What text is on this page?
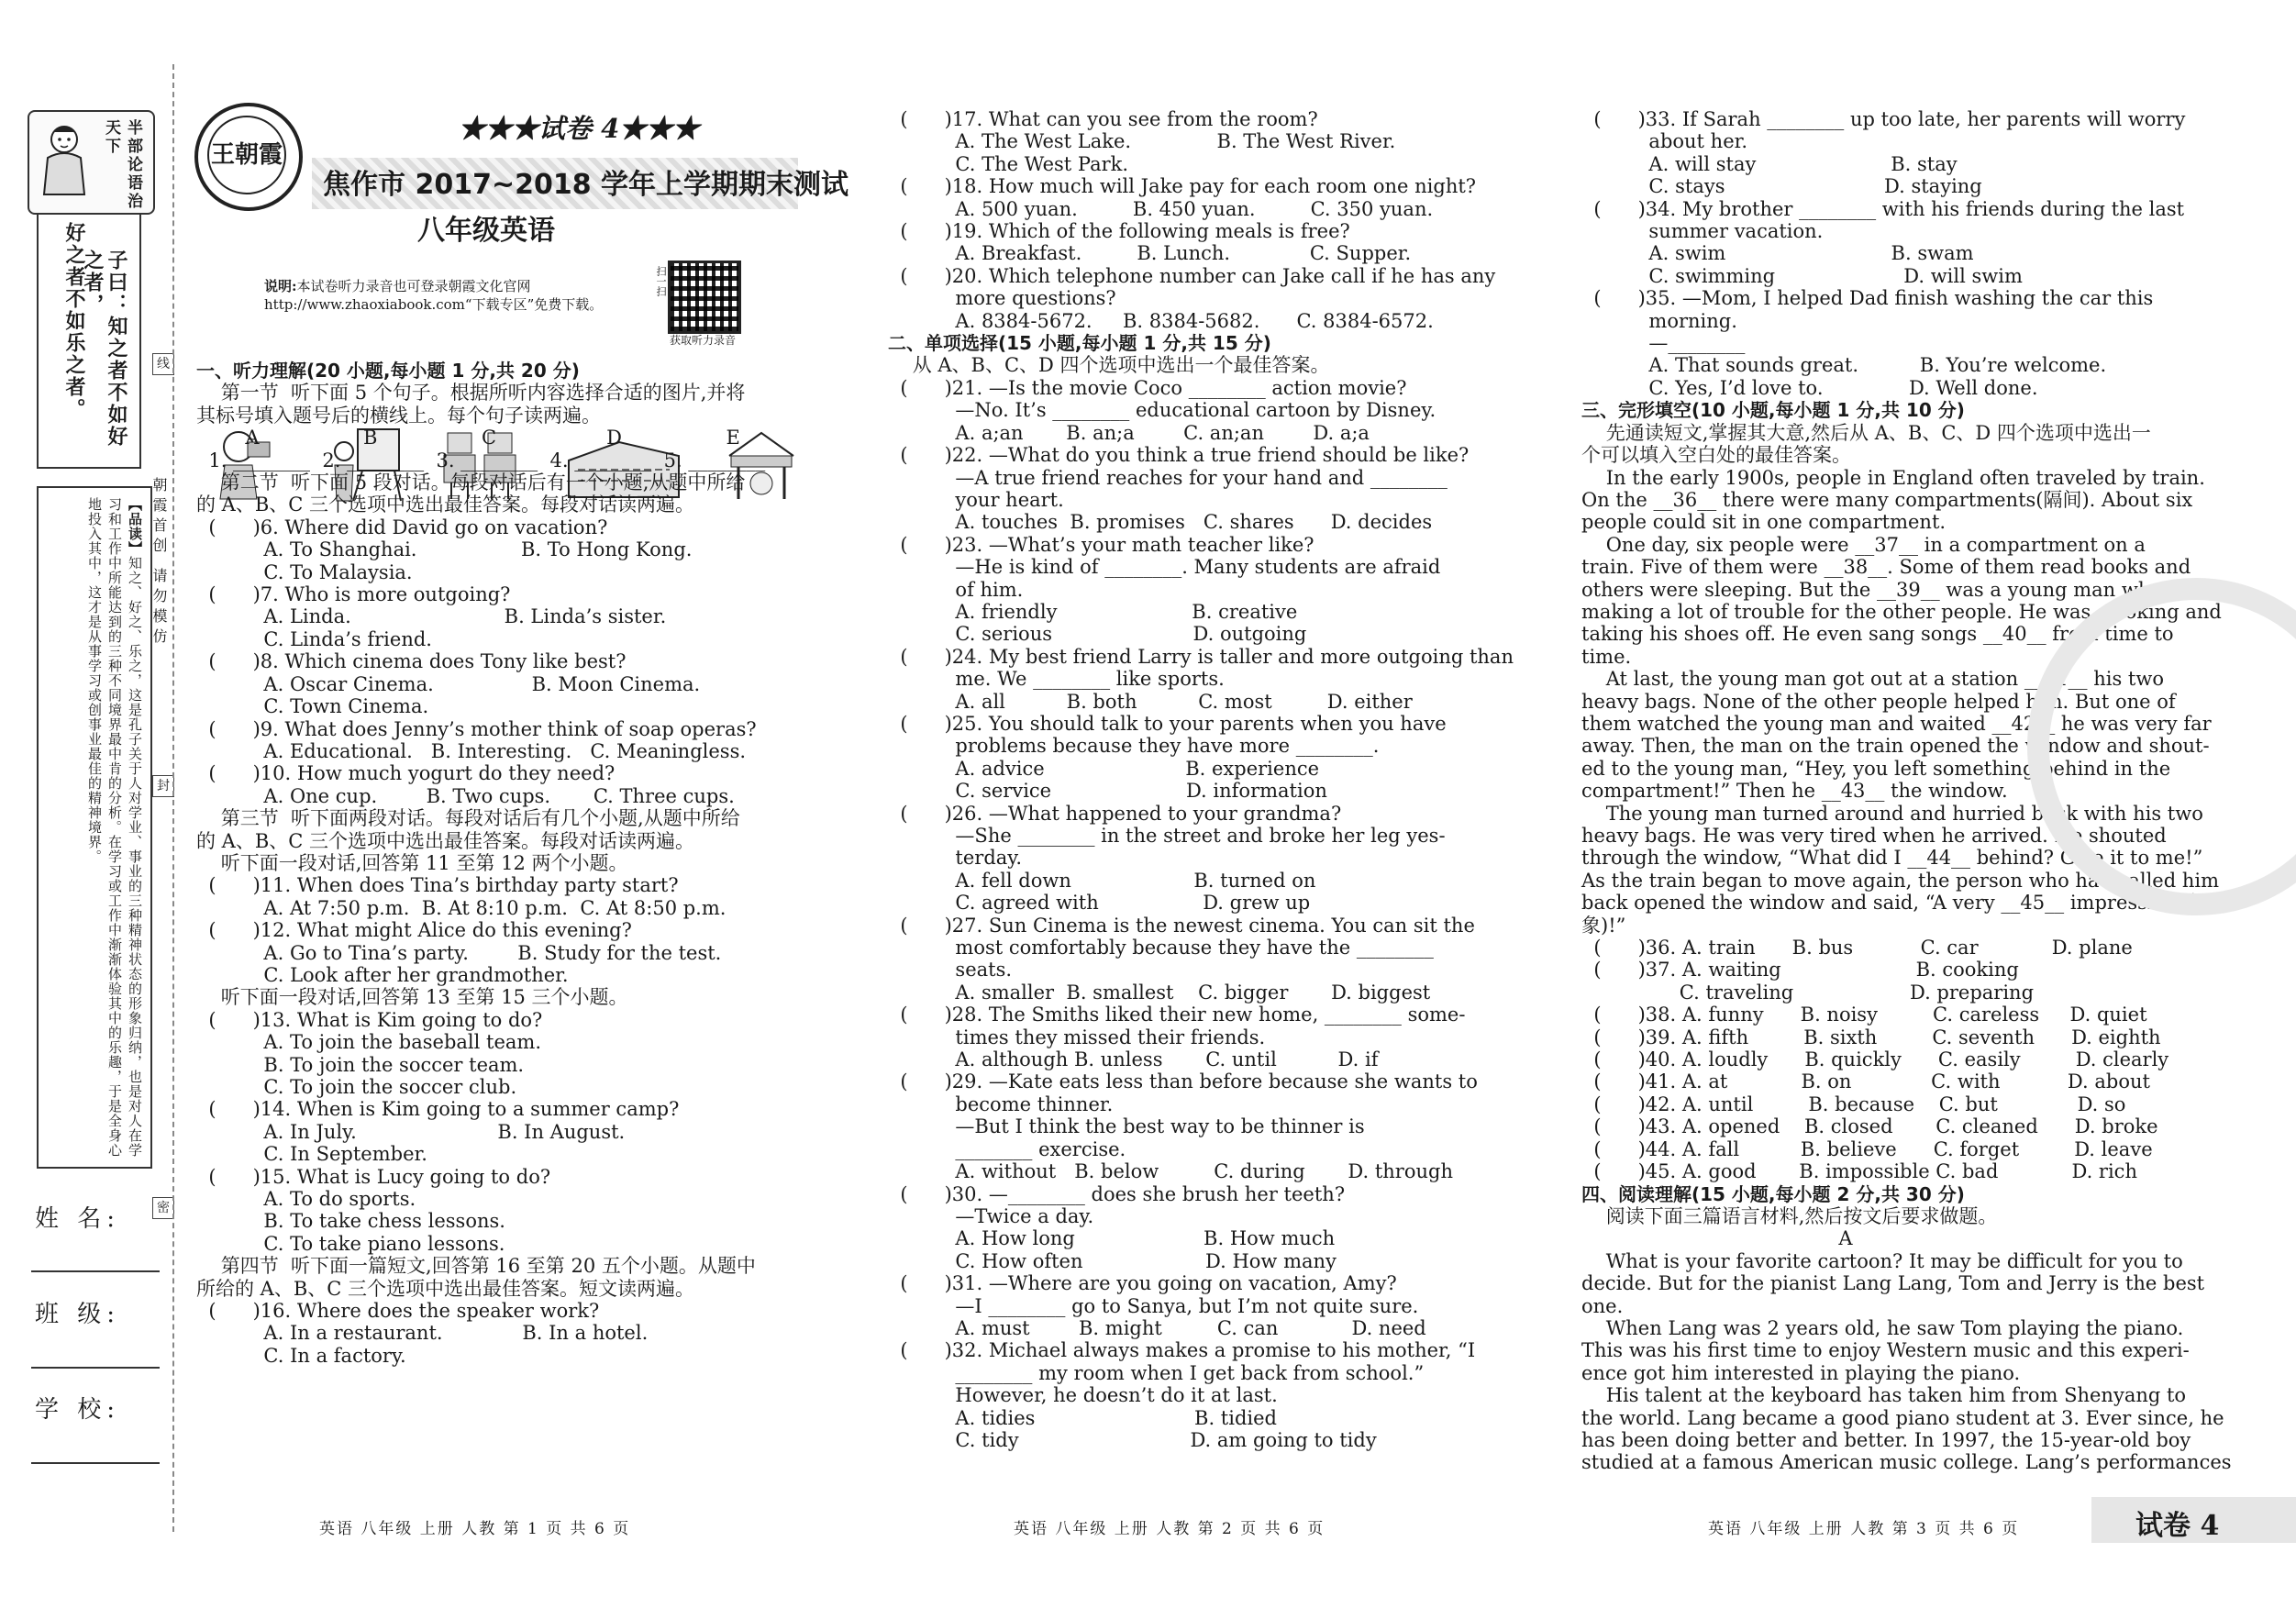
半部论语治天下
子曰：知之者不如好之者，
好之者不如乐之者。
【品读】知之、好之、乐之，这是孔子关于人对学业、事业的三种精神状态的形象归纳，也是对人在学习和工作中所能达到的三种不同境界最中肯的分析。在学习或工作中渐渐体验其中的乐趣，于是全身心地投入其中，这才是从事学习或创事业最佳的精神境界。	朝霞首创 请勿模仿
线
封
密
姓 名:
班 级:
学 校:
王朝霞
★★★试卷 4★★★
焦作市 2017~2018 学年上学期期末测试
八年级英语
说明:本试卷听力录音也可登录朝霞文化官网 http://www.zhaoxiabook.com“下载专区”免费下载。
扫一扫
获取听力录音

一、听力理解(20 小题,每小题 1 分,共 20 分)

第一节  听下面 5 个句子。根据所听内容选择合适的图片,并将

其标号填入题号后的横线上。每个句子读两遍。

A                 B                 C                  D                 E

1. ________  2. ________  3. ________  4. ________  5. ________

第二节  听下面 5 段对话。每段对话后有一个小题,从题中所给

的 A、B、C 三个选项中选出最佳答案。每段对话读两遍。

(      )6. Where did David go on vacation?

A. To Shanghai.                 B. To Hong Kong.

C. To Malaysia.

(      )7. Who is more outgoing?

A. Linda.                         B. Linda’s sister.

C. Linda’s friend.

(      )8. Which cinema does Tony like best?

A. Oscar Cinema.                B. Moon Cinema.

C. Town Cinema.

(      )9. What does Jenny’s mother think of soap operas?

A. Educational.   B. Interesting.   C. Meaningless.

(      )10. How much yogurt do they need?

A. One cup.        B. Two cups.       C. Three cups.

第三节  听下面两段对话。每段对话后有几个小题,从题中所给

的 A、B、C 三个选项中选出最佳答案。每段对话读两遍。

听下面一段对话,回答第 11 至第 12 两个小题。

(      )11. When does Tina’s birthday party start?

A. At 7:50 p.m.  B. At 8:10 p.m.  C. At 8:50 p.m.

(      )12. What might Alice do this evening?

A. Go to Tina’s party.        B. Study for the test.

C. Look after her grandmother.

听下面一段对话,回答第 13 至第 15 三个小题。

(      )13. What is Kim going to do?

A. To join the baseball team.

B. To join the soccer team.

C. To join the soccer club.

(      )14. When is Kim going to a summer camp?

A. In July.                       B. In August.

C. In September.

(      )15. What is Lucy going to do?

A. To do sports.

B. To take chess lessons.

C. To take piano lessons.

第四节  听下面一篇短文,回答第 16 至第 20 五个小题。从题中

所给的 A、B、C 三个选项中选出最佳答案。短文读两遍。

(      )16. Where does the speaker work?

A. In a restaurant.             B. In a hotel.

C. In a factory.

(      )17. What can you see from the room?

A. The West Lake.              B. The West River.

C. The West Park.

(      )18. How much will Jake pay for each room one night?

A. 500 yuan.         B. 450 yuan.         C. 350 yuan.

(      )19. Which of the following meals is free?

A. Breakfast.         B. Lunch.             C. Supper.

(      )20. Which telephone number can Jake call if he has any

more questions?

A. 8384-5672.     B. 8384-5682.      C. 8384-6572.

二、单项选择(15 小题,每小题 1 分,共 15 分)

从 A、B、C、D 四个选项中选出一个最佳答案。

(      )21. —Is the movie Coco ________ action movie?

—No. It’s ________ educational cartoon by Disney.

A. a;an       B. an;a        C. an;an        D. a;a

(      )22. —What do you think a true friend should be like?

—A true friend reaches for your hand and ________

your heart.

A. touches  B. promises   C. shares      D. decides

(      )23. —What’s your math teacher like?

—He is kind of ________. Many students are afraid

of him.

A. friendly                      B. creative

C. serious                       D. outgoing

(      )24. My best friend Larry is taller and more outgoing than

me. We ________ like sports.

A. all          B. both          C. most         D. either

(      )25. You should talk to your parents when you have

problems because they have more ________.

A. advice                       B. experience

C. service                      D. information

(      )26. —What happened to your grandma?

—She ________ in the street and broke her leg yes-

terday.

A. fell down                    B. turned on

C. agreed with                 D. grew up

(      )27. Sun Cinema is the newest cinema. You can sit the

most comfortably because they have the ________

seats.

A. smaller  B. smallest    C. bigger       D. biggest

(      )28. The Smiths liked their new home, ________ some-

times they missed their friends.

A. although B. unless       C. until          D. if

(      )29. —Kate eats less than before because she wants to

become thinner.

—But I think the best way to be thinner is

________ exercise.

A. without   B. below         C. during       D. through

(      )30. —________ does she brush her teeth?

—Twice a day.

A. How long                     B. How much

C. How often                    D. How many

(      )31. —Where are you going on vacation, Amy?

—I ________ go to Sanya, but I’m not quite sure.

A. must        B. might         C. can            D. need

(      )32. Michael always makes a promise to his mother, “I

________ my room when I get back from school.”

However, he doesn’t do it at last.

A. tidies                          B. tidied

C. tidy                            D. am going to tidy

(      )33. If Sarah ________ up too late, her parents will worry

about her.

A. will stay                      B. stay

C. stays                          D. staying

(      )34. My brother ________ with his friends during the last

summer vacation.

A. swim                           B. swam

C. swimming                     D. will swim

(      )35. —Mom, I helped Dad finish washing the car this

morning.

—________

A. That sounds great.          B. You’re welcome.

C. Yes, I’d love to.              D. Well done.

三、完形填空(10 小题,每小题 1 分,共 10 分)

先通读短文,掌握其大意,然后从 A、B、C、D 四个选项中选出一

个可以填入空白处的最佳答案。

In the early 1900s, people in England often traveled by train.

On the __36__ there were many compartments(隔间). About six

people could sit in one compartment.

One day, six people were __37__ in a compartment on a

train. Five of them were __38__. Some of them read books and

others were sleeping. But the __39__ was a young man who was

making a lot of trouble for the other people. He was smoking and

taking his shoes off. He even sang songs __40__ from time to

time.

At last, the young man got out at a station __41__ his two

heavy bags. None of the other people helped him. But one of

them watched the young man and waited __42__ he was very far

away. Then, the man on the train opened the window and shout-

ed to the young man, “Hey, you left something behind in the

compartment!” Then he __43__ the window.

The young man turned around and hurried back with his two

heavy bags. He was very tired when he arrived. He shouted

through the window, “What did I __44__ behind? Give it to me!”

As the train began to move again, the person who had called him

back opened the window and said, “A very __45__ impression(印

象)!”

(      )36. A. train      B. bus           C. car            D. plane

(      )37. A. waiting                      B. cooking

C. traveling                   D. preparing

(      )38. A. funny      B. noisy         C. careless     D. quiet

(      )39. A. fifth         B. sixth         C. seventh      D. eighth

(      )40. A. loudly      B. quickly      C. easily         D. clearly

(      )41. A. at            B. on             C. with           D. about

(      )42. A. until         B. because    C. but             D. so

(      )43. A. opened    B. closed       C. cleaned      D. broke

(      )44. A. fall          B. believe      C. forget         D. leave

(      )45. A. good       B. impossible C. bad            D. rich

四、阅读理解(15 小题,每小题 2 分,共 30 分)

阅读下面三篇语言材料,然后按文后要求做题。

A

What is your favorite cartoon? It may be difficult for you to

decide. But for the pianist Lang Lang, Tom and Jerry is the best

one.

When Lang was 2 years old, he saw Tom playing the piano.

This was his first time to enjoy Western music and this experi-

ence got him interested in playing the piano.

His talent at the keyboard has taken him from Shenyang to

the world. Lang became a good piano student at 3. Ever since, he

has been doing better and better. In 1997, the 15-year-old boy

studied at a famous American music college. Lang’s performances

英语 八年级 上册 人教 第 1 页 共 6 页	英语 八年级 上册 人教 第 2 页 共 6 页	英语 八年级 上册 人教 第 3 页 共 6 页	试卷 4
